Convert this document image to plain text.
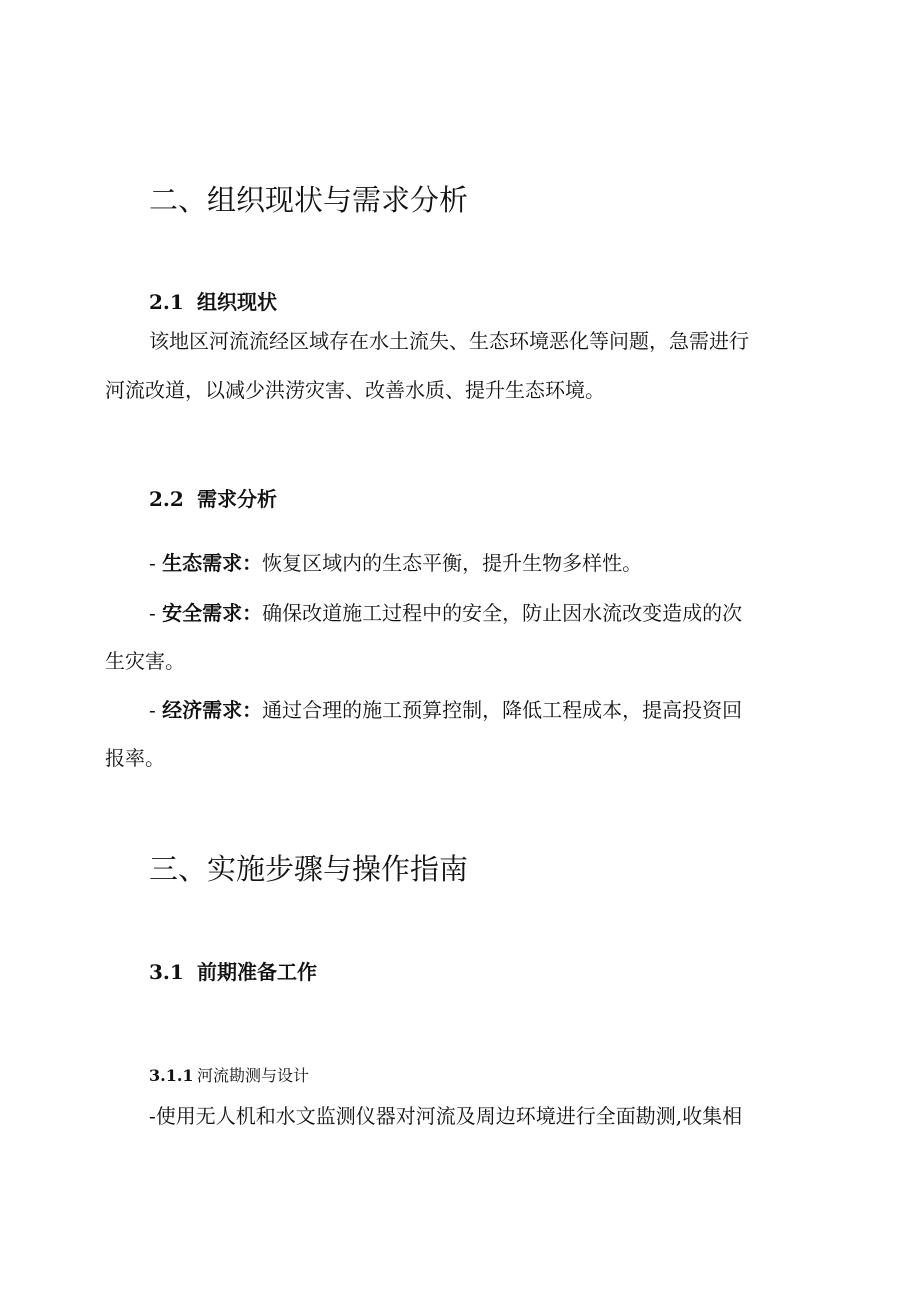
二、组织现状与需求分析
2.1 组织现状

该地区河流流经区域存在水土流失、生态环境恶化等问题，急需进行

河流改道，以减少洪涝灾害、改善水质、提升生态环境。

2.2 需求分析

- 生态需求：恢复区域内的生态平衡，提升生物多样性。

- 安全需求：确保改道施工过程中的安全，防止因水流改变造成的次

生灾害。

- 经济需求：通过合理的施工预算控制，降低工程成本，提高投资回

报率。

三、实施步骤与操作指南
3.1 前期准备工作
3.1.1 河流勘测与设计

-使用无人机和水文监测仪器对河流及周边环境进行全面勘测,收集相
